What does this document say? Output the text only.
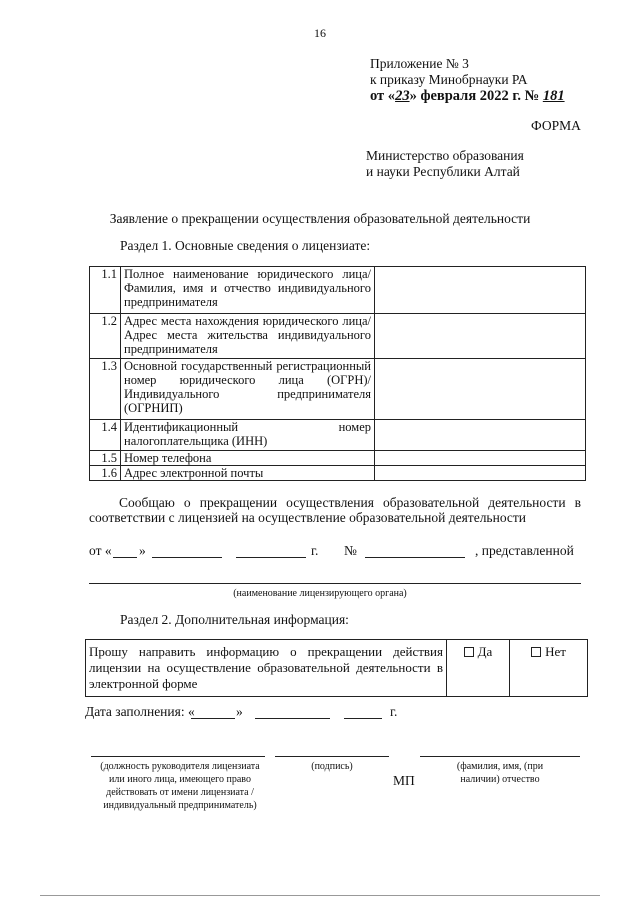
16
Приложение № 3
к приказу Минобрнауки РА
от «23» февраля 2022 г. № 181
ФОРМА
Министерство образования
и науки Республики Алтай
Заявление о прекращении осуществления образовательной деятельности
Раздел 1. Основные сведения о лицензиате:
1.1	Полное наименование юридического лица/ Фамилия, имя и отчество индивидуального предпринимателя	
1.2	Адрес места нахождения юридического лица/ Адрес места жительства индивидуального предпринимателя	
1.3	Основной государственный регистрационный номер юридического лица (ОГРН)/ Индивидуального предпринимателя (ОГРНИП)	
1.4	Идентификационный номер налогоплательщика (ИНН)	
1.5	Номер телефона	
1.6	Адрес электронной почты	
Сообщаю о прекращении осуществления образовательной деятельности в соответствии с лицензией на осуществление образовательной деятельности
от « »	г. №	, представленной
(наименование лицензирующего органа)
Раздел 2. Дополнительная информация:
Прошу направить информацию о прекращении действия лицензии на осуществление образовательной деятельности в электронной форме	Да	Нет
Дата заполнения: «	»	г.
(должность руководителя лицензиата или иного лица, имеющего право действовать от имени лицензиата / индивидуальный предприниматель)
(подпись)
МП
(фамилия, имя, (при наличии) отчество
